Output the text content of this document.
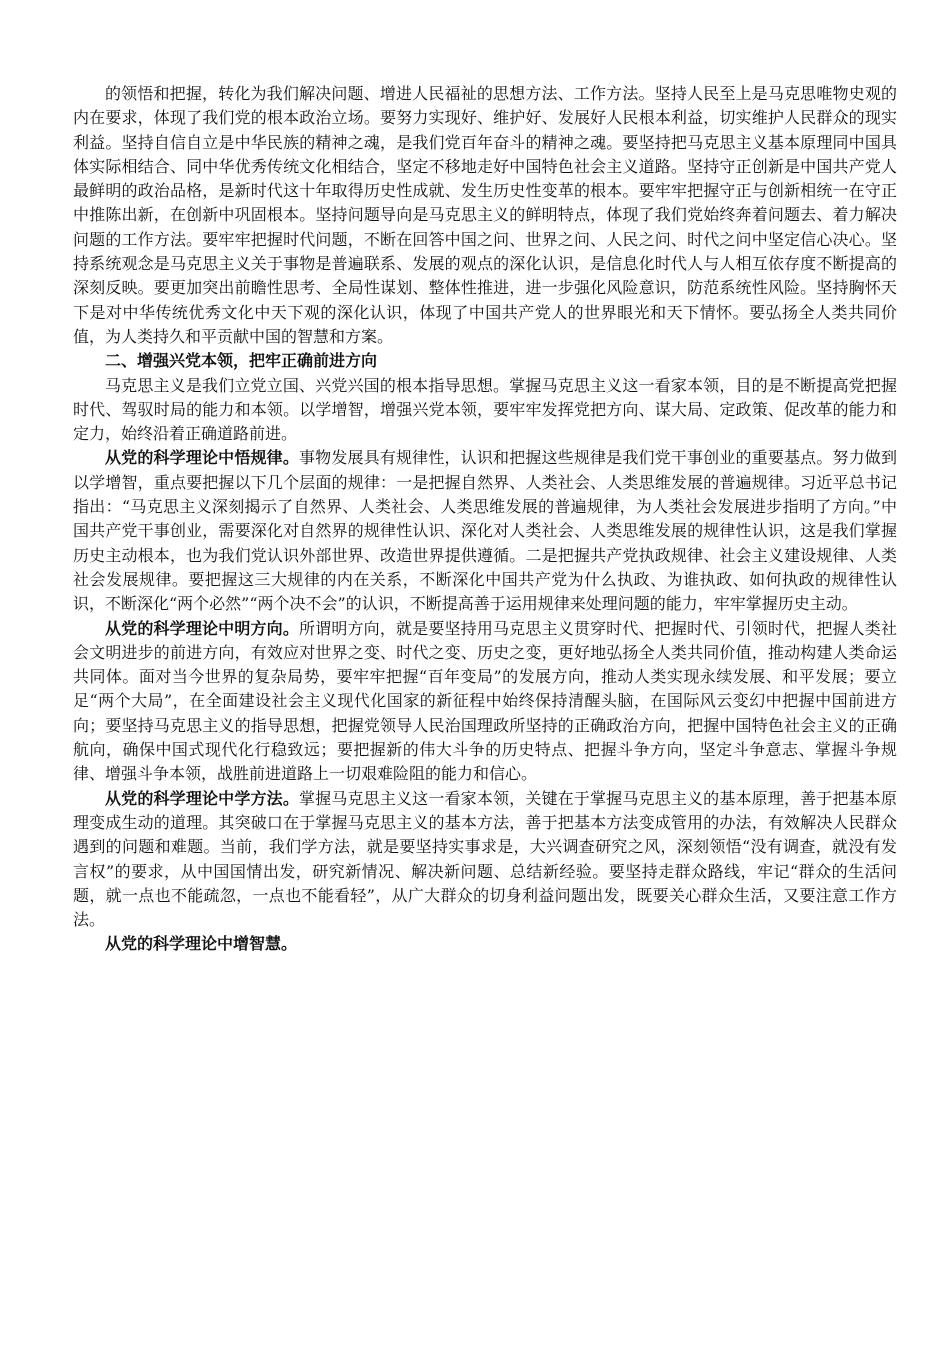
的领悟和把握，转化为我们解决问题、增进人民福祉的思想方法、工作方法。坚持人民至上是马克思唯物史观的内在要求，体现了我们党的根本政治立场。要努力实现好、维护好、发展好人民根本利益，切实维护人民群众的现实利益。坚持自信自立是中华民族的精神之魂，是我们党百年奋斗的精神之魂。要坚持把马克思主义基本原理同中国具体实际相结合、同中华优秀传统文化相结合，坚定不移地走好中国特色社会主义道路。坚持守正创新是中国共产党人最鲜明的政治品格，是新时代这十年取得历史性成就、发生历史性变革的根本。要牢牢把握守正与创新相统一在守正中推陈出新，在创新中巩固根本。坚持问题导向是马克思主义的鲜明特点，体现了我们党始终奔着问题去、着力解决问题的工作方法。要牢牢把握时代问题，不断在回答中国之问、世界之问、人民之问、时代之问中坚定信心决心。坚持系统观念是马克思主义关于事物是普遍联系、发展的观点的深化认识，是信息化时代人与人相互依存度不断提高的深刻反映。要更加突出前瞻性思考、全局性谋划、整体性推进，进一步强化风险意识，防范系统性风险。坚持胸怀天下是对中华传统优秀文化中天下观的深化认识，体现了中国共产党人的世界眼光和天下情怀。要弘扬全人类共同价值，为人类持久和平贡献中国的智慧和方案。

二、增强兴党本领，把牢正确前进方向

马克思主义是我们立党立国、兴党兴国的根本指导思想。掌握马克思主义这一看家本领，目的是不断提高党把握时代、驾驭时局的能力和本领。以学增智，增强兴党本领，要牢牢发挥党把方向、谋大局、定政策、促改革的能力和定力，始终沿着正确道路前进。

从党的科学理论中悟规律。事物发展具有规律性，认识和把握这些规律是我们党干事创业的重要基点。努力做到以学增智，重点要把握以下几个层面的规律：一是把握自然界、人类社会、人类思维发展的普遍规律。习近平总书记指出：“马克思主义深刻揭示了自然界、人类社会、人类思维发展的普遍规律，为人类社会发展进步指明了方向。”中国共产党干事创业，需要深化对自然界的规律性认识、深化对人类社会、人类思维发展的规律性认识，这是我们掌握历史主动根本，也为我们党认识外部世界、改造世界提供遵循。二是把握共产党执政规律、社会主义建设规律、人类社会发展规律。要把握这三大规律的内在关系，不断深化中国共产党为什么执政、为谁执政、如何执政的规律性认识，不断深化“两个必然”“两个决不会”的认识，不断提高善于运用规律来处理问题的能力，牢牢掌握历史主动。

从党的科学理论中明方向。所谓明方向，就是要坚持用马克思主义贯穿时代、把握时代、引领时代，把握人类社会文明进步的前进方向，有效应对世界之变、时代之变、历史之变，更好地弘扬全人类共同价值，推动构建人类命运共同体。面对当今世界的复杂局势，要牢牢把握“百年变局”的发展方向，推动人类实现永续发展、和平发展；要立足“两个大局”，在全面建设社会主义现代化国家的新征程中始终保持清醒头脑，在国际风云变幻中把握中国前进方向；要坚持马克思主义的指导思想，把握党领导人民治国理政所坚持的正确政治方向，把握中国特色社会主义的正确航向，确保中国式现代化行稳致远；要把握新的伟大斗争的历史特点、把握斗争方向，坚定斗争意志、掌握斗争规律、增强斗争本领，战胜前进道路上一切艰难险阻的能力和信心。

从党的科学理论中学方法。掌握马克思主义这一看家本领，关键在于掌握马克思主义的基本原理，善于把基本原理变成生动的道理。其突破口在于掌握马克思主义的基本方法，善于把基本方法变成管用的办法，有效解决人民群众遇到的问题和难题。当前，我们学方法，就是要坚持实事求是，大兴调查研究之风，深刻领悟“没有调查，就没有发言权”的要求，从中国国情出发，研究新情况、解决新问题、总结新经验。要坚持走群众路线，牢记“群众的生活问题，就一点也不能疏忽，一点也不能看轻”，从广大群众的切身利益问题出发，既要关心群众生活，又要注意工作方法。

从党的科学理论中增智慧。
